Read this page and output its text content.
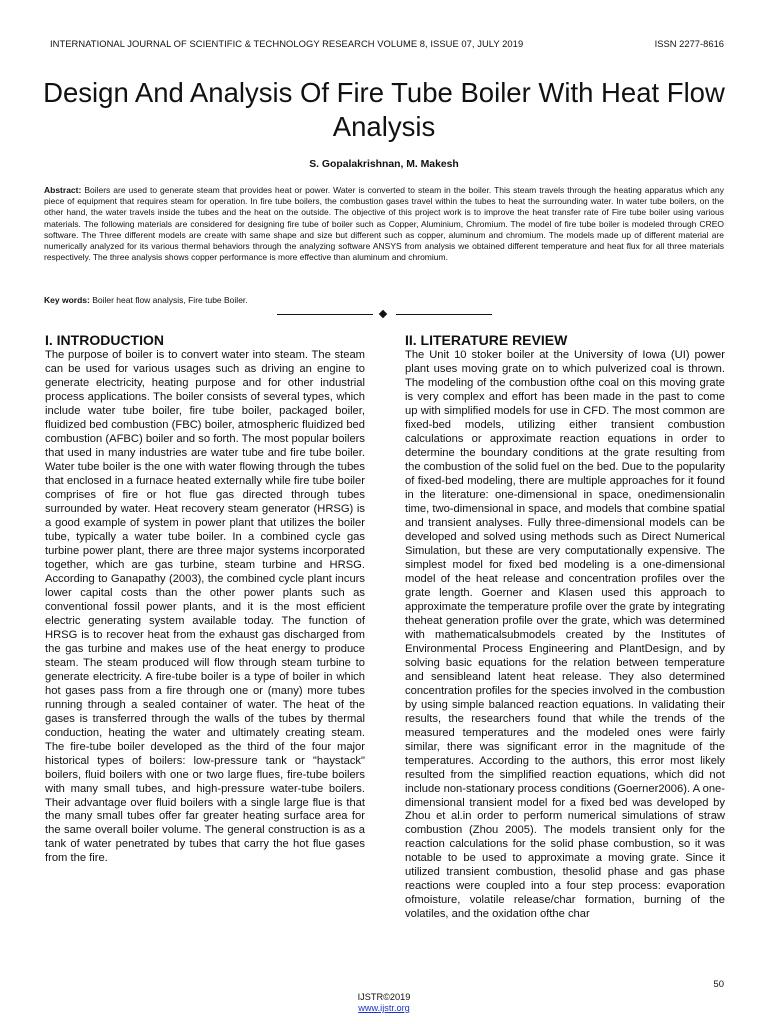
INTERNATIONAL JOURNAL OF SCIENTIFIC & TECHNOLOGY RESEARCH VOLUME 8, ISSUE 07, JULY 2019	ISSN 2277-8616
Design And Analysis Of Fire Tube Boiler With Heat Flow Analysis
S. Gopalakrishnan, M. Makesh
Abstract: Boilers are used to generate steam that provides heat or power. Water is converted to steam in the boiler. This steam travels through the heating apparatus which any piece of equipment that requires steam for operation. In fire tube boilers, the combustion gases travel within the tubes to heat the surrounding water. In water tube boilers, on the other hand, the water travels inside the tubes and the heat on the outside. The objective of this project work is to improve the heat transfer rate of Fire tube boiler using various materials. The following materials are considered for designing fire tube of boiler such as Copper, Aluminium, Chromium. The model of fire tube boiler is modeled through CREO software. The Three different models are create with same shape and size but different such as copper, aluminum and chromium. The models made up of different material are numerically analyzed for its various thermal behaviors through the analyzing software ANSYS from analysis we obtained different temperature and heat flux for all three materials respectively. The three analysis shows copper performance is more effective than aluminum and chromium.
Key words: Boiler heat flow analysis, Fire tube Boiler.
I. INTRODUCTION

The purpose of boiler is to convert water into steam. The steam can be used for various usages such as driving an engine to generate electricity, heating purpose and for other industrial process applications. The boiler consists of several types, which include water tube boiler, fire tube boiler, packaged boiler, fluidized bed combustion (FBC) boiler, atmospheric fluidized bed combustion (AFBC) boiler and so forth. The most popular boilers that used in many industries are water tube and fire tube boiler. Water tube boiler is the one with water flowing through the tubes that enclosed in a furnace heated externally while fire tube boiler comprises of fire or hot flue gas directed through tubes surrounded by water. Heat recovery steam generator (HRSG) is a good example of system in power plant that utilizes the boiler tube, typically a water tube boiler. In a combined cycle gas turbine power plant, there are three major systems incorporated together, which are gas turbine, steam turbine and HRSG. According to Ganapathy (2003), the combined cycle plant incurs lower capital costs than the other power plants such as conventional fossil power plants, and it is the most efficient electric generating system available today. The function of HRSG is to recover heat from the exhaust gas discharged from the gas turbine and makes use of the heat energy to produce steam. The steam produced will flow through steam turbine to generate electricity. A fire-tube boiler is a type of boiler in which hot gases pass from a fire through one or (many) more tubes running through a sealed container of water. The heat of the gases is transferred through the walls of the tubes by thermal conduction, heating the water and ultimately creating steam. The fire-tube boiler developed as the third of the four major historical types of boilers: low-pressure tank or "haystack" boilers, fluid boilers with one or two large flues, fire-tube boilers with many small tubes, and high-pressure water-tube boilers. Their advantage over fluid boilers with a single large flue is that the many small tubes offer far greater heating surface area for the same overall boiler volume. The general construction is as a tank of water penetrated by tubes that carry the hot flue gases from the fire.

II. LITERATURE REVIEW

The Unit 10 stoker boiler at the University of Iowa (UI) power plant uses moving grate on to which pulverized coal is thrown. The modeling of the combustion ofthe coal on this moving grate is very complex and effort has been made in the past to come up with simplified models for use in CFD. The most common are fixed-bed models, utilizing either transient combustion calculations or approximate reaction equations in order to determine the boundary conditions at the grate resulting from the combustion of the solid fuel on the bed. Due to the popularity of fixed-bed modeling, there are multiple approaches for it found in the literature: one-dimensional in space, onedimensionalin time, two-dimensional in space, and models that combine spatial and transient analyses. Fully three-dimensional models can be developed and solved using methods such as Direct Numerical Simulation, but these are very computationally expensive. The simplest model for fixed bed modeling is a one-dimensional model of the heat release and concentration profiles over the grate length. Goerner and Klasen used this approach to approximate the temperature profile over the grate by integrating theheat generation profile over the grate, which was determined with mathematicalsubmodels created by the Institutes of Environmental Process Engineering and PlantDesign, and by solving basic equations for the relation between temperature and sensibleand latent heat release. They also determined concentration profiles for the species involved in the combustion by using simple balanced reaction equations. In validating their results, the researchers found that while the trends of the measured temperatures and the modeled ones were fairly similar, there was significant error in the magnitude of the temperatures. According to the authors, this error most likely resulted from the simplified reaction equations, which did not include non-stationary process conditions (Goerner2006). A one-dimensional transient model for a fixed bed was developed by Zhou et al.in order to perform numerical simulations of straw combustion (Zhou 2005). The models transient only for the reaction calculations for the solid phase combustion, so it was notable to be used to approximate a moving grate. Since it utilized transient combustion, thesolid phase and gas phase reactions were coupled into a four step process: evaporation ofmoisture, volatile release/char formation, burning of the volatiles, and the oxidation ofthe char

50
IJSTR©2019
www.ijstr.org
